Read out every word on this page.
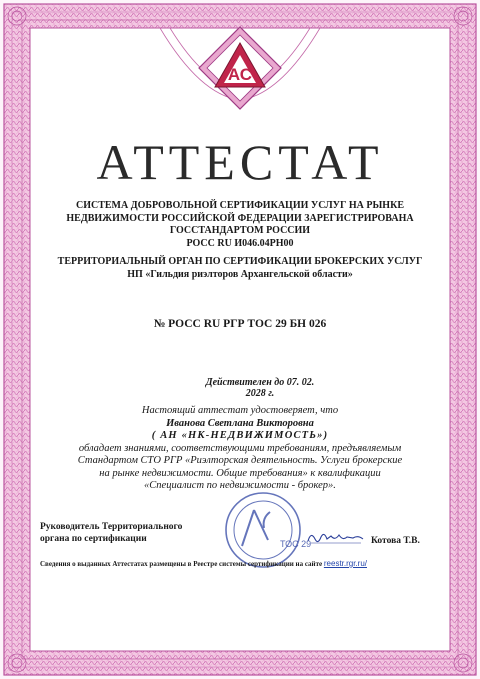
АС
АТТЕСТАТ
СИСТЕМА ДОБРОВОЛЬНОЙ СЕРТИФИКАЦИИ УСЛУГ НА РЫНКЕ
НЕДВИЖИМОСТИ РОССИЙСКОЙ ФЕДЕРАЦИИ ЗАРЕГИСТРИРОВАНА
ГОССТАНДАРТОМ РОССИИ
РОСС RU И046.04РН00
ТЕРРИТОРИАЛЬНЫЙ ОРГАН ПО СЕРТИФИКАЦИИ БРОКЕРСКИХ УСЛУГ
НП «Гильдия риэлторов Архангельской области»
№ РОСС RU РГР ТОС 29 БН 026
Действителен до 07. 02. 2028 г.
Настоящий аттестат удостоверяет, что
Иванова Светлана Викторовна
( АН «НК-НЕДВИЖИМОСТЬ»)
обладает знаниями, соответствующими требованиям, предъявляемым
Стандартом СТО РГР «Риэлторская деятельность. Услуги брокерские
на рынке недвижимости. Общие требования» к квалификации
«Специалист по недвижимости - брокер».
Руководитель Территориального
органа по сертификации	ТОС 29	Котова Т.В.
Сведения о выданных Аттестатах размещены в Реестре системы сертификации на сайте reestr.rgr.ru/
